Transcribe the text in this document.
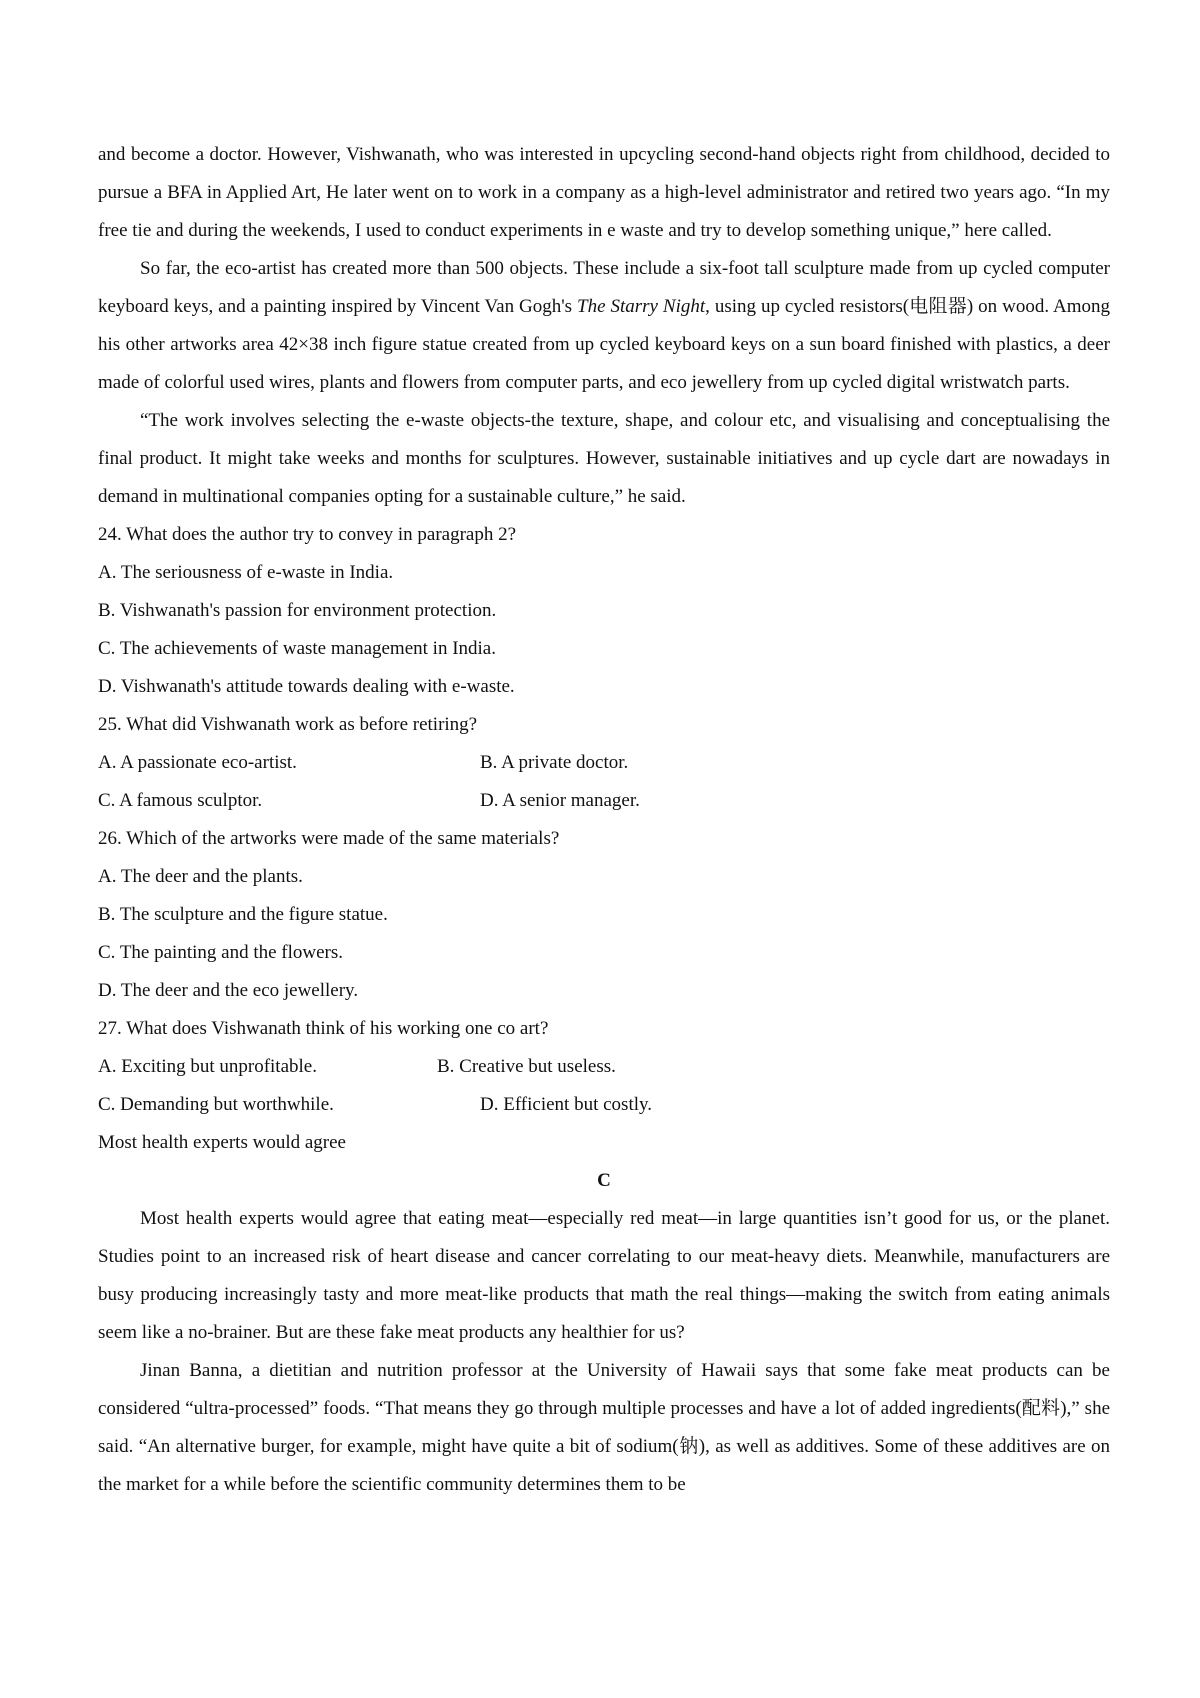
and become a doctor. However, Vishwanath, who was interested in upcycling second-hand objects right from childhood, decided to pursue a BFA in Applied Art, He later went on to work in a company as a high-level administrator and retired two years ago. “In my free tie and during the weekends, I used to conduct experiments in e waste and try to develop something unique,” here called.

So far, the eco-artist has created more than 500 objects. These include a six-foot tall sculpture made from up cycled computer keyboard keys, and a painting inspired by Vincent Van Gogh's The Starry Night, using up cycled resistors(电阻器) on wood. Among his other artworks area 42×38 inch figure statue created from up cycled keyboard keys on a sun board finished with plastics, a deer made of colorful used wires, plants and flowers from computer parts, and eco jewellery from up cycled digital wristwatch parts.

“The work involves selecting the e-waste objects-the texture, shape, and colour etc, and visualising and conceptualising the final product. It might take weeks and months for sculptures. However, sustainable initiatives and up cycle dart are nowadays in demand in multinational companies opting for a sustainable culture,” he said.

24. What does the author try to convey in paragraph 2?

A. The seriousness of e-waste in India.

B. Vishwanath's passion for environment protection.

C. The achievements of waste management in India.

D. Vishwanath's attitude towards dealing with e-waste.

25. What did Vishwanath work as before retiring?

A. A passionate eco-artist.	B. A private doctor.
C. A famous sculptor.	D. A senior manager.

26. Which of the artworks were made of the same materials?

A. The deer and the plants.

B. The sculpture and the figure statue.

C. The painting and the flowers.

D. The deer and the eco jewellery.

27. What does Vishwanath think of his working one co art?

A. Exciting but unprofitable.	B. Creative but useless.
C. Demanding but worthwhile.	D. Efficient but costly.

Most health experts would agree

C

Most health experts would agree that eating meat—especially red meat—in large quantities isn’t good for us, or the planet. Studies point to an increased risk of heart disease and cancer correlating to our meat-heavy diets. Meanwhile, manufacturers are busy producing increasingly tasty and more meat-like products that math the real things—making the switch from eating animals seem like a no-brainer. But are these fake meat products any healthier for us?

Jinan Banna, a dietitian and nutrition professor at the University of Hawaii says that some fake meat products can be considered “ultra-processed” foods. “That means they go through multiple processes and have a lot of added ingredients(配料),” she said. “An alternative burger, for example, might have quite a bit of sodium(钠), as well as additives. Some of these additives are on the market for a while before the scientific community determines them to be
